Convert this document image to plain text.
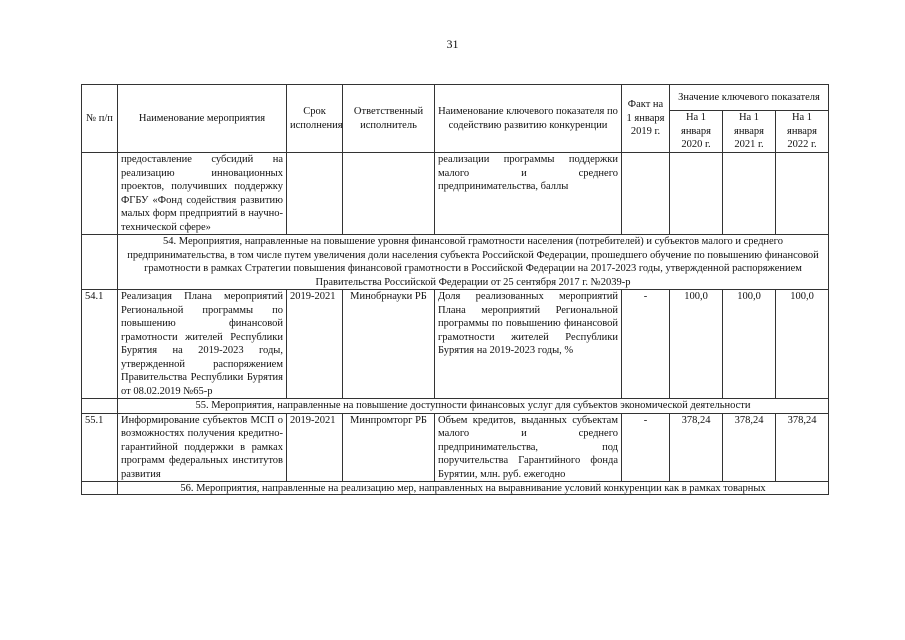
31
№ п/п	Наименование мероприятия	Срок исполнения	Ответственный исполнитель	Наименование ключевого показателя по содействию развитию конкуренции	Факт на 1 января 2019 г.	Значение ключевого показателя		
						На 1 января 2020 г.	На 1 января 2021 г.	На 1 января 2022 г.
	предоставление субсидий на реализацию инновационных проектов, получивших поддержку ФГБУ «Фонд содействия развитию малых форм предприятий в научно-технической сфере»			реализации программы поддержки малого и среднего предпринимательства, баллы				
	54. Мероприятия, направленные на повышение уровня финансовой грамотности населения (потребителей) и субъектов малого и среднего предпринимательства, в том числе путем увеличения доли населения субъекта Российской Федерации, прошедшего обучение по повышению финансовой грамотности в рамках Стратегии повышения финансовой грамотности в Российской Федерации на 2017-2023 годы, утвержденной распоряжением Правительства Российской Федерации от 25 сентября 2017 г. №2039-р							
54.1	Реализация Плана мероприятий Региональной программы по повышению финансовой грамотности жителей Республики Бурятия на 2019-2023 годы, утвержденной распоряжением Правительства Республики Бурятия от 08.02.2019 №65-р	2019-2021	Минобрнауки РБ	Доля реализованных мероприятий Плана мероприятий Региональной программы по повышению финансовой грамотности жителей Республики Бурятия на 2019-2023 годы, %	-	100,0	100,0	100,0
	55. Мероприятия, направленные на повышение доступности финансовых услуг для субъектов экономической деятельности							
55.1	Информирование субъектов МСП о возможностях получения кредитно-гарантийной поддержки в рамках программ федеральных институтов развития	2019-2021	Минпромторг РБ	Объем кредитов, выданных субъектам малого и среднего предпринимательства, под поручительства Гарантийного фонда Бурятии, млн. руб. ежегодно	-	378,24	378,24	378,24

	56. Мероприятия, направленные на реализацию мер, направленных на выравнивание условий конкуренции как в рамках товарных							
